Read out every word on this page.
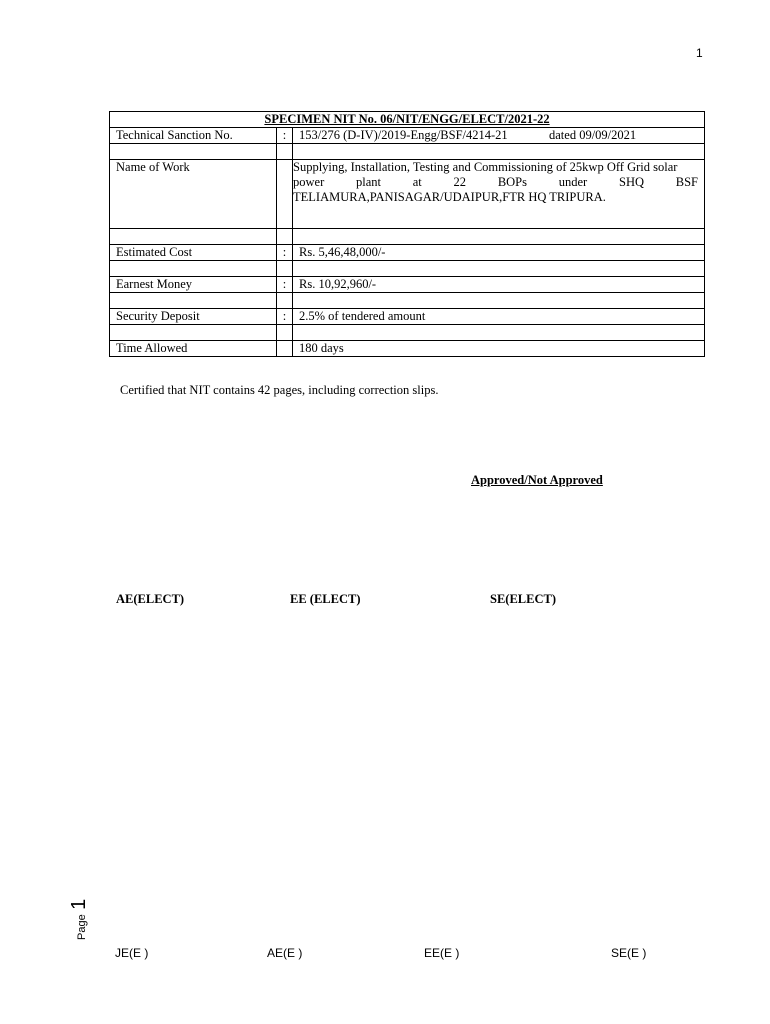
1
SPECIMEN NIT No. 06/NIT/ENGG/ELECT/2021-22		
Technical Sanction No.	:	153/276 (D-IV)/2019-Engg/BSF/4214-21 dated 09/09/2021

Name of Work		Supplying, Installation, Testing and Commissioning of 25kwp Off Grid solar
power plant at 22 BOPs under SHQ BSF
TELIAMURA,PANISAGAR/UDAIPUR,FTR HQ TRIPURA.

Estimated Cost	:	Rs. 5,46,48,000/-

Earnest Money	:	Rs. 10,92,960/-

Security Deposit	:	2.5% of tendered amount

Time Allowed		180 days
Certified that NIT contains 42 pages, including correction slips.
Approved/Not Approved
AE(ELECT)	EE (ELECT)	SE(ELECT)
Page 1
JE(E )	AE(E )	EE(E )	SE(E )
